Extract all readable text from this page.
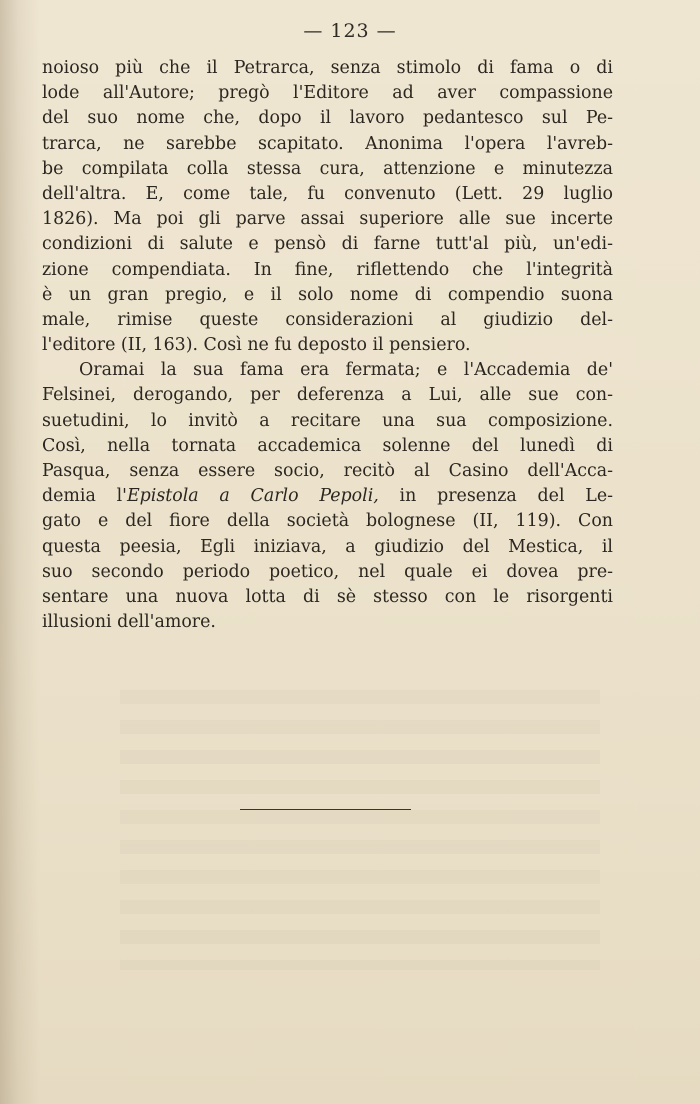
— 123 —
noioso più che il Petrarca, senza stimolo di fama o di
lode all'Autore; pregò l'Editore ad aver compassione
del suo nome che, dopo il lavoro pedantesco sul Pe-
trarca, ne sarebbe scapitato. Anonima l'opera l'avreb-
be compilata colla stessa cura, attenzione e minutezza
dell'altra. E, come tale, fu convenuto (Lett. 29 luglio
1826). Ma poi gli parve assai superiore alle sue incerte
condizioni di salute e pensò di farne tutt'al più, un'edi-
zione compendiata. In fine, riflettendo che l'integrità
è un gran pregio, e il solo nome di compendio suona
male, rimise queste considerazioni al giudizio del-
l'editore (II, 163). Così ne fu deposto il pensiero.
Oramai la sua fama era fermata; e l'Accademia de'
Felsinei, derogando, per deferenza a Lui, alle sue con-
suetudini, lo invitò a recitare una sua composizione.
Così, nella tornata accademica solenne del lunedì di
Pasqua, senza essere socio, recitò al Casino dell'Acca-
demia l'Epistola a Carlo Pepoli, in presenza del Le-
gato e del fiore della società bolognese (II, 119). Con
questa peesia, Egli iniziava, a giudizio del Mestica, il
suo secondo periodo poetico, nel quale ei dovea pre-
sentare una nuova lotta di sè stesso con le risorgenti
illusioni dell'amore.
